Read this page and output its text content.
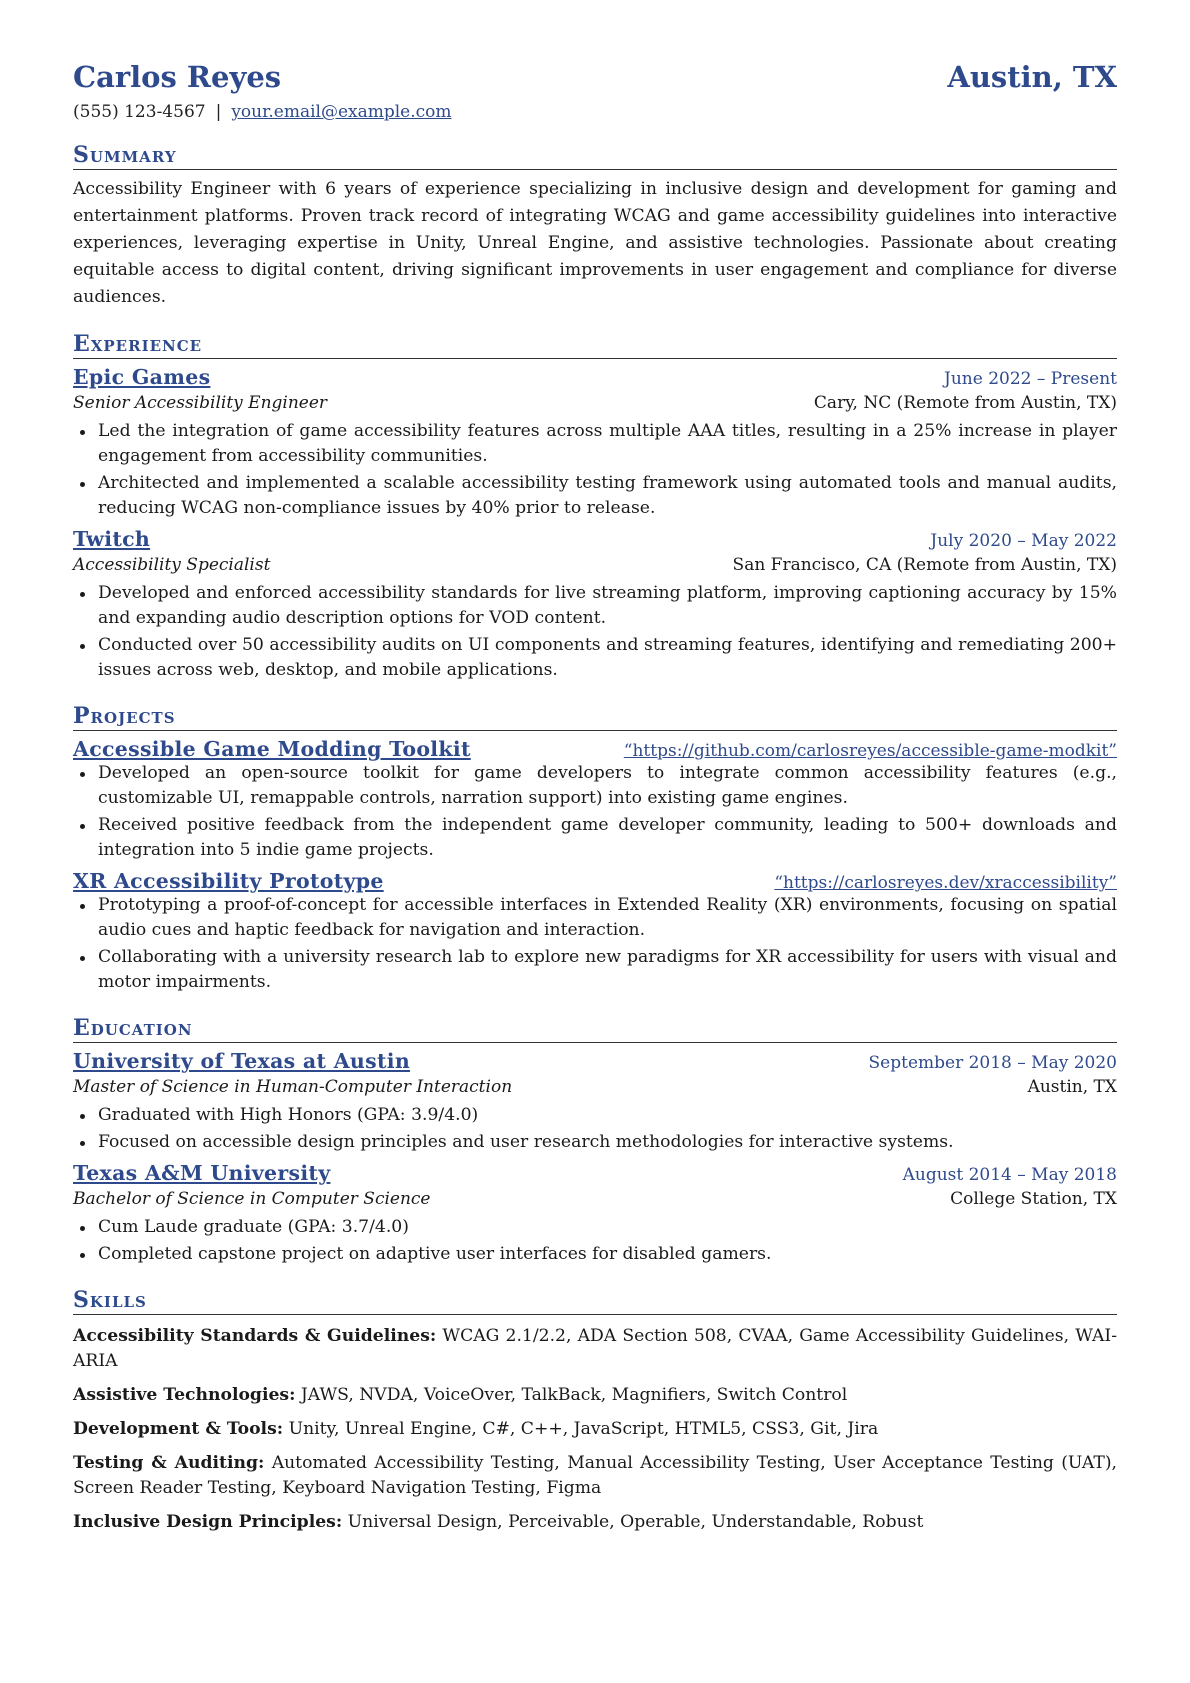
Carlos Reyes	Austin, TX
(555) 123-4567 | your.email@example.com
Summary
Accessibility Engineer with 6 years of experience specializing in inclusive design and development for gaming and entertainment platforms. Proven track record of integrating WCAG and game accessibility guidelines into interactive experiences, leveraging expertise in Unity, Unreal Engine, and assistive technologies. Passionate about creating equitable access to digital content, driving significant improvements in user engagement and compliance for diverse audiences.
Experience
Epic Games	June 2022 – Present
Senior Accessibility Engineer	Cary, NC (Remote from Austin, TX)
Led the integration of game accessibility features across multiple AAA titles, resulting in a 25% increase in player engagement from accessibility communities.
Architected and implemented a scalable accessibility testing framework using automated tools and manual audits, reducing WCAG non-compliance issues by 40% prior to release.
Twitch	July 2020 – May 2022
Accessibility Specialist	San Francisco, CA (Remote from Austin, TX)
Developed and enforced accessibility standards for live streaming platform, improving captioning accuracy by 15% and expanding audio description options for VOD content.
Conducted over 50 accessibility audits on UI components and streaming features, identifying and remediating 200+ issues across web, desktop, and mobile applications.
Projects
Accessible Game Modding Toolkit	“https://github.com/carlosreyes/accessible-game-modkit”
Developed an open-source toolkit for game developers to integrate common accessibility features (e.g., customizable UI, remappable controls, narration support) into existing game engines.
Received positive feedback from the independent game developer community, leading to 500+ downloads and integration into 5 indie game projects.
XR Accessibility Prototype	“https://carlosreyes.dev/xraccessibility”
Prototyping a proof-of-concept for accessible interfaces in Extended Reality (XR) environments, focusing on spatial audio cues and haptic feedback for navigation and interaction.
Collaborating with a university research lab to explore new paradigms for XR accessibility for users with visual and motor impairments.
Education
University of Texas at Austin	September 2018 – May 2020
Master of Science in Human-Computer Interaction	Austin, TX
Graduated with High Honors (GPA: 3.9/4.0)
Focused on accessible design principles and user research methodologies for interactive systems.
Texas A&M University	August 2014 – May 2018
Bachelor of Science in Computer Science	College Station, TX
Cum Laude graduate (GPA: 3.7/4.0)
Completed capstone project on adaptive user interfaces for disabled gamers.
Skills
Accessibility Standards & Guidelines: WCAG 2.1/2.2, ADA Section 508, CVAA, Game Accessibility Guidelines, WAI-ARIA
Assistive Technologies: JAWS, NVDA, VoiceOver, TalkBack, Magnifiers, Switch Control
Development & Tools: Unity, Unreal Engine, C#, C++, JavaScript, HTML5, CSS3, Git, Jira
Testing & Auditing: Automated Accessibility Testing, Manual Accessibility Testing, User Acceptance Testing (UAT), Screen Reader Testing, Keyboard Navigation Testing, Figma
Inclusive Design Principles: Universal Design, Perceivable, Operable, Understandable, Robust
